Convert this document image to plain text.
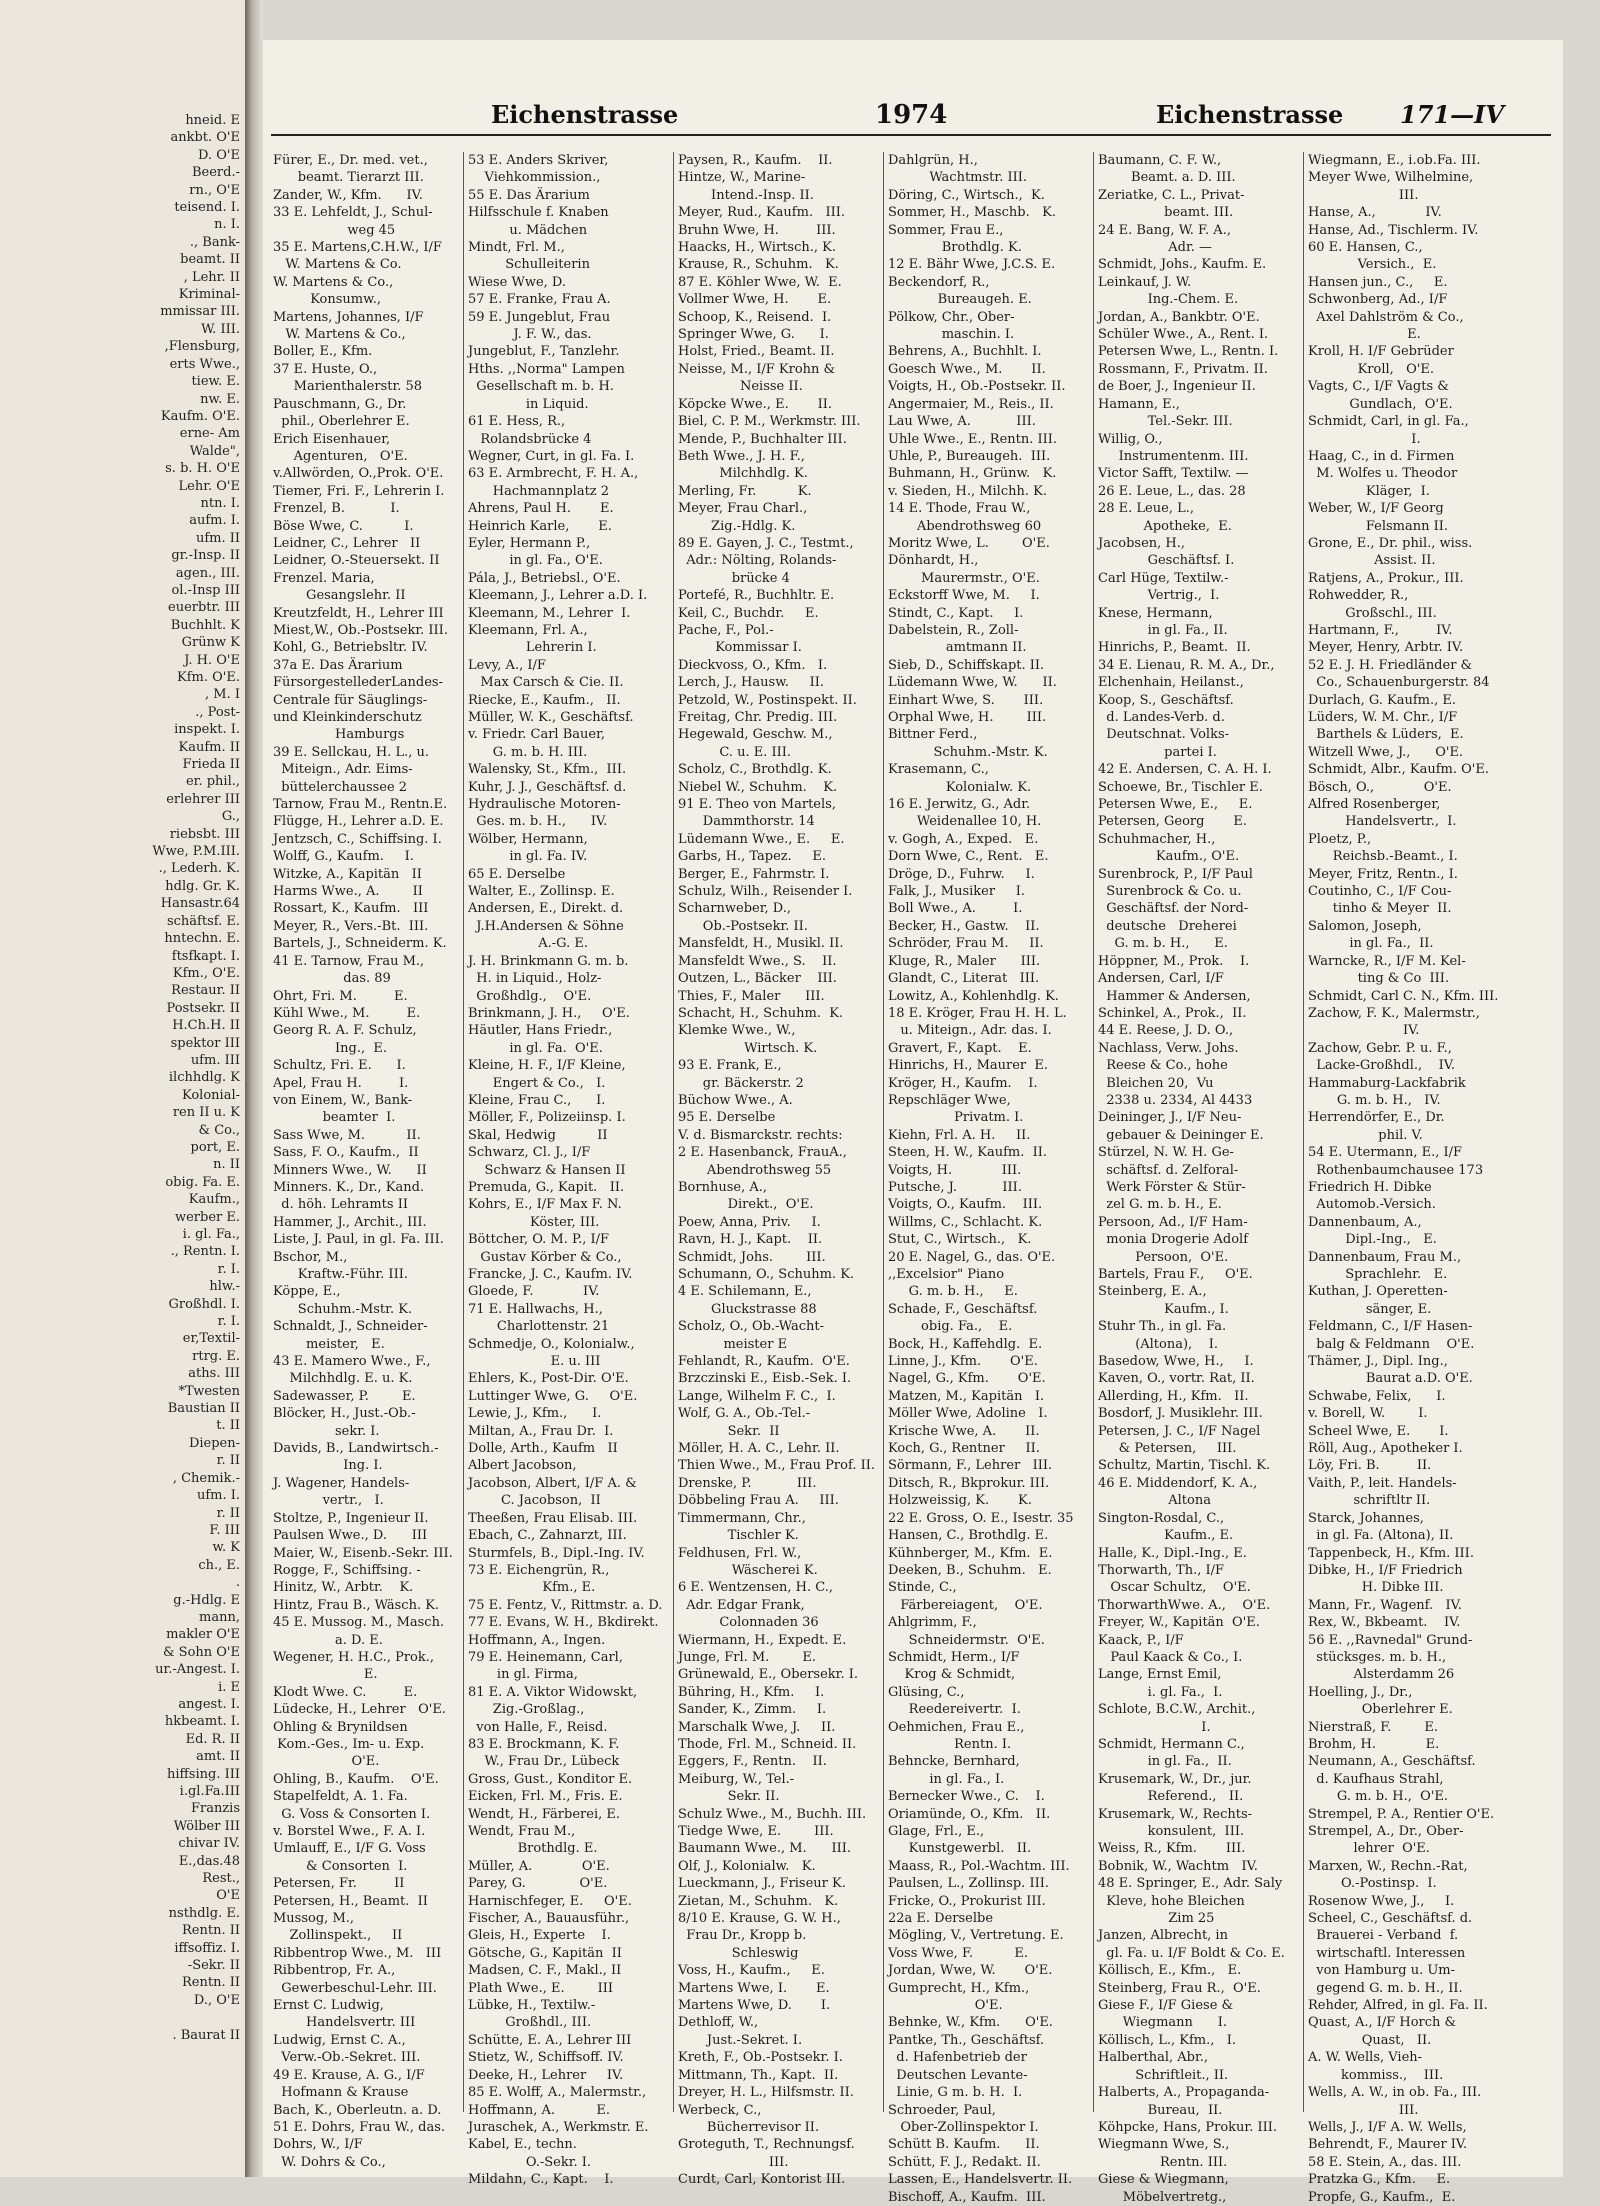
hneid. E
ankbt. O'E
D. O'E
Beerd.-
rn., O'E
teisend. I.
n. I.
., Bank-
beamt. II
, Lehr. II
Kriminal-
mmissar III.
W. III.
,Flensburg,
erts Wwe.,
tiew. E.
nw. E.
Kaufm. O'E.
erne- Am
Walde",
s. b. H. O'E
Lehr. O'E
ntn. I.
aufm. I.
ufm. II
gr.-Insp. II
agen., III.
ol.-Insp III
euerbtr. III
Buchhlt. K
Grünw K
J. H. O'E
Kfm. O'E.
, M. I
., Post-
inspekt. I.
Kaufm. II
Frieda II
er. phil.,
erlehrer III
G.,
riebsbt. III
Wwe, P.M.III.
., Lederh. K.
hdlg. Gr. K.
Hansastr.64
schäftsf. E.
hntechn. E.
ftsfkapt. I.
Kfm., O'E.
Restaur. II
Postsekr. II
H.Ch.H. II
spektor III
ufm. III
ilchhdlg. K
Kolonial-
ren II u. K
& Co.,
port, E.
n. II
obig. Fa. E.
Kaufm.,
werber E.
i. gl. Fa.,
., Rentn. I.
r. I.
hlw.-
Großhdl. I.
r. I.
er,Textil-
rtrg. E.
aths. III
*Twesten
Baustian II
t. II
Diepen-
r. II
, Chemik.-
ufm. I.
r. II
F. III
w. K
ch., E.
.
g.-Hdlg. E
mann,
makler O'E
& Sohn O'E
ur.-Angest. I.
i. E
angest. I.
hkbeamt. I.
Ed. R. II
amt. II
hiffsing. III
i.gl.Fa.III
Franzis
Wölber III
chivar IV.
E.,das.48
Rest.,
O'E
nsthdlg. E.
Rentn. II
iffsoffiz. I.
-Sekr. II
Rentn. II
D., O'E

. Baurat II
Eichenstrasse	1974	Eichenstrasse 171—IV
Fürer, E., Dr. med. vet.,
beamt. Tierarzt III.
Zander, W., Kfm.      IV.
33 E. Lehfeldt, J., Schul-
weg 45
35 E. Martens,C.H.W., I/F
W. Martens & Co.
W. Martens & Co.,
Konsumw.,
Martens, Johannes, I/F
W. Martens & Co.,
Boller, E., Kfm.
37 E. Huste, O.,
Marienthalerstr. 58
Pauschmann, G., Dr.
phil., Oberlehrer E.
Erich Eisenhauer,
Agenturen,   O'E.
v.Allwörden, O.,Prok. O'E.
Tiemer, Fri. F., Lehrerin I.
Frenzel, B.           I.
Böse Wwe, C.          I.
Leidner, C., Lehrer   II
Leidner, O.-Steuersekt. II
Frenzel. Maria,
Gesangslehr. II
Kreutzfeldt, H., Lehrer III
Miest,W., Ob.-Postsekr. III.
Kohl, G., Betriebsltr. IV.
37a E. Das Ärarium
FürsorgestellederLandes-
Centrale für Säuglings-
und Kleinkinderschutz
Hamburgs
39 E. Sellckau, H. L., u.
Miteign., Adr. Eims-
büttelerchaussee 2
Tarnow, Frau M., Rentn.E.
Flügge, H., Lehrer a.D. E.
Jentzsch, C., Schiffsing. I.
Wolff, G., Kaufm.     I.
Witzke, A., Kapitän   II
Harms Wwe., A.        II
Rossart, K., Kaufm.   III
Meyer, R., Vers.-Bt.  III.
Bartels, J., Schneiderm. K.
41 E. Tarnow, Frau M.,
das. 89
Ohrt, Fri. M.         E.
Kühl Wwe., M.         E.
Georg R. A. F. Schulz,
Ing.,  E.
Schultz, Fri. E.      I.
Apel, Frau H.         I.
von Einem, W., Bank-
beamter  I.
Sass Wwe, M.          II.
Sass, F. O., Kaufm.,  II
Minners Wwe., W.      II
Minners. K., Dr., Kand.
d. höh. Lehramts II
Hammer, J., Archit., III.
Liste, J. Paul, in gl. Fa. III.
Bschor, M.,
Kraftw.-Führ. III.
Köppe, E.,
Schuhm.-Mstr. K.
Schnaldt, J., Schneider-
meister,   E.
43 E. Mamero Wwe., F.,
Milchhdlg. E. u. K.
Sadewasser, P.        E.
Blöcker, H., Just.-Ob.-
sekr. I.
Davids, B., Landwirtsch.-
Ing. I.
J. Wagener, Handels-
vertr.,   I.
Stoltze, P., Ingenieur II.
Paulsen Wwe., D.      III
Maier, W., Eisenb.-Sekr. III.
Rogge, F., Schiffsing. -
Hinitz, W., Arbtr.    K.
Hintz, Frau B., Wäsch. K.
45 E. Mussog. M., Masch.
a. D. E.
Wegener, H. H.C., Prok.,
E.
Klodt Wwe. C.         E.
Lüdecke, H., Lehrer   O'E.
Ohling & Brynildsen
Kom.-Ges., Im- u. Exp.
O'E.
Ohling, B., Kaufm.    O'E.
Stapelfeldt, A. 1. Fa.
G. Voss & Consorten I.
v. Borstel Wwe., F. A. I.
Umlauff, E., I/F G. Voss
& Consorten  I.
Petersen, Fr.         II
Petersen, H., Beamt.  II
Mussog, M.,
Zollinspekt.,     II
Ribbentrop Wwe., M.   III
Ribbentrop, Fr. A.,
Gewerbeschul-Lehr. III.
Ernst C. Ludwig,
Handelsvertr. III
Ludwig, Ernst C. A.,
Verw.-Ob.-Sekret. III.
49 E. Krause, A. G., I/F
Hofmann & Krause
Bach, K., Oberleutn. a. D.
51 E. Dohrs, Frau W., das.
Dohrs, W., I/F
W. Dohrs & Co.,
53 E. Anders Skriver,
Viehkommission.,
55 E. Das Ärarium
Hilfsschule f. Knaben
u. Mädchen
Mindt, Frl. M.,
Schulleiterin
Wiese Wwe, D.
57 E. Franke, Frau A.
59 E. Jungeblut, Frau
J. F. W., das.
Jungeblut, F., Tanzlehr.
Hths. ,,Norma" Lampen
Gesellschaft m. b. H.
in Liquid.
61 E. Hess, R.,
Rolandsbrücke 4
Wegner, Curt, in gl. Fa. I.
63 E. Armbrecht, F. H. A.,
Hachmannplatz 2
Ahrens, Paul H.       E.
Heinrich Karle,       E.
Eyler, Hermann P.,
in gl. Fa., O'E.
Pála, J., Betriebsl., O'E.
Kleemann, J., Lehrer a.D. I.
Kleemann, M., Lehrer  I.
Kleemann, Frl. A.,
Lehrerin I.
Levy, A., I/F
Max Carsch & Cie. II.
Riecke, E., Kaufm.,   II.
Müller, W. K., Geschäftsf.
v. Friedr. Carl Bauer,
G. m. b. H. III.
Walensky, St., Kfm.,  III.
Kuhr, J. J., Geschäftsf. d.
Hydraulische Motoren-
Ges. m. b. H.,      IV.
Wölber, Hermann,
in gl. Fa. IV.
65 E. Derselbe
Walter, E., Zollinsp. E.
Andersen, E., Direkt. d.
J.H.Andersen & Söhne
A.-G. E.
J. H. Brinkmann G. m. b.
H. in Liquid., Holz-
Großhdlg.,    O'E.
Brinkmann, J. H.,     O'E.
Häutler, Hans Friedr.,
in gl. Fa.  O'E.
Kleine, H. F., I/F Kleine,
Engert & Co.,   I.
Kleine, Frau C.,      I.
Möller, F., Polizeiinsp. I.
Skal, Hedwig          II
Schwarz, Cl. J., I/F
Schwarz & Hansen II
Premuda, G., Kapit.   II.
Kohrs, E., I/F Max F. N.
Köster, III.
Böttcher, O. M. P., I/F
Gustav Körber & Co.,
Francke, J. C., Kaufm. IV.
Gloede, F.            IV.
71 E. Hallwachs, H.,
Charlottenstr. 21
Schmedje, O., Kolonialw.,
E. u. III
Ehlers, K., Post-Dir. O'E.
Luttinger Wwe, G.     O'E.
Lewie, J., Kfm.,      I.
Miltan, A., Frau Dr.  I.
Dolle, Arth., Kaufm   II
Albert Jacobson,
Jacobson, Albert, I/F A. &
C. Jacobson,  II
Theeßen, Frau Elisab. III.
Ebach, C., Zahnarzt, III.
Sturmfels, B., Dipl.-Ing. IV.
73 E. Eichengrün, R.,
Kfm., E.
75 E. Fentz, V., Rittmstr. a. D.
77 E. Evans, W. H., Bkdirekt.
Hoffmann, A., Ingen.
79 E. Heinemann, Carl,
in gl. Firma,
81 E. A. Viktor Widowskt,
Zig.-Großlag.,
von Halle, F., Reisd.
83 E. Brockmann, K. F.
W., Frau Dr., Lübeck
Gross, Gust., Konditor E.
Eicken, Frl. M., Fris. E.
Wendt, H., Färberei, E.
Wendt, Frau M.,
Brothdlg. E.
Müller, A.            O'E.
Parey, G.             O'E.
Harnischfeger, E.     O'E.
Fischer, A., Bauausführ.,
Gleis, H., Experte    I.
Götsche, G., Kapitän  II
Madsen, C. F., Makl., II
Plath Wwe., E.        III
Lübke, H., Textilw.-
Großhdl., III.
Schütte, E. A., Lehrer III
Stietz, W., Schiffsoff. IV.
Deeke, H., Lehrer     IV.
85 E. Wolff, A., Malermstr.,
Hoffmann, A.          E.
Juraschek, A., Werkmstr. E.
Kabel, E., techn.
O.-Sekr. I.
Mildahn, C., Kapt.    I.
Paysen, R., Kaufm.    II.
Hintze, W., Marine-
Intend.-Insp. II.
Meyer, Rud., Kaufm.   III.
Bruhn Wwe, H.         III.
Haacks, H., Wirtsch., K.
Krause, R., Schuhm.   K.
87 E. Köhler Wwe, W.  E.
Vollmer Wwe, H.       E.
Schoop, K., Reisend.  I.
Springer Wwe, G.      I.
Holst, Fried., Beamt. II.
Neisse, M., I/F Krohn &
Neisse II.
Köpcke Wwe., E.       II.
Biel, C. P. M., Werkmstr. III.
Mende, P., Buchhalter III.
Beth Wwe., J. H. F.,
Milchhdlg. K.
Merling, Fr.          K.
Meyer, Frau Charl.,
Zig.-Hdlg. K.
89 E. Gayen, J. C., Testmt.,
Adr.: Nölting, Rolands-
brücke 4
Portefé, R., Buchhltr. E.
Keil, C., Buchdr.     E.
Pache, F., Pol.-
Kommissar I.
Dieckvoss, O., Kfm.   I.
Lerch, J., Hausw.     II.
Petzold, W., Postinspekt. II.
Freitag, Chr. Predig. III.
Hegewald, Geschw. M.,
C. u. E. III.
Scholz, C., Brothdlg. K.
Niebel W., Schuhm.    K.
91 E. Theo von Martels,
Dammthorstr. 14
Lüdemann Wwe., E.     E.
Garbs, H., Tapez.     E.
Berger, E., Fahrmstr. I.
Schulz, Wilh., Reisender I.
Scharnweber, D.,
Ob.-Postsekr. II.
Mansfeldt, H., Musikl. II.
Mansfeldt Wwe., S.    II.
Outzen, L., Bäcker    III.
Thies, F., Maler      III.
Schacht, H., Schuhm.  K.
Klemke Wwe., W.,
Wirtsch. K.
93 E. Frank, E.,
gr. Bäckerstr. 2
Büchow Wwe., A.
95 E. Derselbe
V. d. Bismarckstr. rechts:
2 E. Hasenbanck, FrauA.,
Abendrothsweg 55
Bornhuse, A.,
Direkt.,  O'E.
Poew, Anna, Priv.     I.
Ravn, H. J., Kapt.    II.
Schmidt, Johs.        III.
Schumann, O., Schuhm. K.
4 E. Schilemann, E.,
Gluckstrasse 88
Scholz, O., Ob.-Wacht-
meister E
Fehlandt, R., Kaufm.  O'E.
Brzczinski E., Eisb.-Sek. I.
Lange, Wilhelm F. C.,  I.
Wolf, G. A., Ob.-Tel.-
Sekr.  II
Möller, H. A. C., Lehr. II.
Thien Wwe., M., Frau Prof. II.
Drenske, P.           III.
Döbbeling Frau A.     III.
Timmermann, Chr.,
Tischler K.
Feldhusen, Frl. W.,
Wäscherei K.
6 E. Wentzensen, H. C.,
Adr. Edgar Frank,
Colonnaden 36
Wiermann, H., Expedt. E.
Junge, Frl. M.        E.
Grünewald, E., Obersekr. I.
Bühring, H., Kfm.     I.
Sander, K., Zimm.     I.
Marschalk Wwe, J.     II.
Thode, Frl. M., Schneid. II.
Eggers, F., Rentn.    II.
Meiburg, W., Tel.-
Sekr. II.
Schulz Wwe., M., Buchh. III.
Tiedge Wwe, E.        III.
Baumann Wwe., M.      III.
Olf, J., Kolonialw.   K.
Lueckmann, J., Friseur K.
Zietan, M., Schuhm.   K.
8/10 E. Krause, G. W. H.,
Frau Dr., Kropp b.
Schleswig
Voss, H., Kaufm.,     E.
Martens Wwe, I.       E.
Martens Wwe, D.       I.
Dethloff, W.,
Just.-Sekret. I.
Kreth, F., Ob.-Postsekr. I.
Mittmann, Th., Kapt.  II.
Dreyer, H. L., Hilfsmstr. II.
Werbeck, C.,
Bücherrevisor II.
Groteguth, T., Rechnungsf.
III.
Curdt, Carl, Kontorist III.
Dahlgrün, H.,
Wachtmstr. III.
Döring, C., Wirtsch.,  K.
Sommer, H., Maschb.   K.
Sommer, Frau E.,
Brothdlg. K.
12 E. Bähr Wwe, J.C.S. E.
Beckendorf, R.,
Bureaugeh. E.
Pölkow, Chr., Ober-
maschin. I.
Behrens, A., Buchhlt. I.
Goesch Wwe., M.       II.
Voigts, H., Ob.-Postsekr. II.
Angermaier, M., Reis., II.
Lau Wwe, A.           III.
Uhle Wwe., E., Rentn. III.
Uhle, P., Bureaugeh.  III.
Buhmann, H., Grünw.   K.
v. Sieden, H., Milchh. K.
14 E. Thode, Frau W.,
Abendrothsweg 60
Moritz Wwe, L.        O'E.
Dönhardt, H.,
Maurermstr., O'E.
Eckstorff Wwe, M.     I.
Stindt, C., Kapt.     I.
Dabelstein, R., Zoll-
amtmann II.
Sieb, D., Schiffskapt. II.
Lüdemann Wwe, W.      II.
Einhart Wwe, S.       III.
Orphal Wwe, H.        III.
Bittner Ferd.,
Schuhm.-Mstr. K.
Krasemann, C.,
Kolonialw. K.
16 E. Jerwitz, G., Adr.
Weidenallee 10, H.
v. Gogh, A., Exped.   E.
Dorn Wwe, C., Rent.   E.
Dröge, D., Fuhrw.     I.
Falk, J., Musiker     I.
Boll Wwe., A.         I.
Becker, H., Gastw.    II.
Schröder, Frau M.     II.
Kluge, R., Maler      III.
Glandt, C., Literat   III.
Lowitz, A., Kohlenhdlg. K.
18 E. Kröger, Frau H. H. L.
u. Miteign., Adr. das. I.
Gravert, F., Kapt.    E.
Hinrichs, H., Maurer  E.
Kröger, H., Kaufm.    I.
Repschläger Wwe,
Privatm. I.
Kiehn, Frl. A. H.     II.
Steen, H. W., Kaufm.  II.
Voigts, H.            III.
Putsche, J.           III.
Voigts, O., Kaufm.    III.
Willms, C., Schlacht. K.
Stut, C., Wirtsch.,   K.
20 E. Nagel, G., das. O'E.
,,Excelsior" Piano
G. m. b. H.,     E.
Schade, F., Geschäftsf.
obig. Fa.,    E.
Bock, H., Kaffehdlg.  E.
Linne, J., Kfm.       O'E.
Nagel, G., Kfm.       O'E.
Matzen, M., Kapitän   I.
Möller Wwe, Adoline   I.
Krische Wwe, A.       II.
Koch, G., Rentner     II.
Sörmann, F., Lehrer   III.
Ditsch, R., Bkprokur. III.
Holzweissig, K.       K.
22 E. Gross, O. E., Isestr. 35
Hansen, C., Brothdlg. E.
Kühnberger, M., Kfm.  E.
Deeken, B., Schuhm.   E.
Stinde, C.,
Färbereiagent,    O'E.
Ahlgrimm, F.,
Schneidermstr.  O'E.
Schmidt, Herm., I/F
Krog & Schmidt,
Glüsing, C.,
Reedereivertr.  I.
Oehmichen, Frau E.,
Rentn. I.
Behncke, Bernhard,
in gl. Fa., I.
Bernecker Wwe., C.    I.
Oriamünde, O., Kfm.   II.
Glage, Frl., E.,
Kunstgewerbl.   II.
Maass, R., Pol.-Wachtm. III.
Paulsen, L., Zollinsp. III.
Fricke, O., Prokurist III.
22a E. Derselbe
Mögling, V., Vertretung. E.
Voss Wwe, F.          E.
Jordan, Wwe, W.       O'E.
Gumprecht, H., Kfm.,
O'E.
Behnke, W., Kfm.      O'E.
Pantke, Th., Geschäftsf.
d. Hafenbetrieb der
Deutschen Levante-
Linie, G m. b. H.  I.
Schroeder, Paul,
Ober-Zollinspektor I.
Schütt B. Kaufm.      II.
Schütt, F. J., Redakt. II.
Lassen, E., Handelsvertr. II.
Bischoff, A., Kaufm.  III.
Baumann, C. F. W.,
Beamt. a. D. III.
Zeriatke, C. L., Privat-
beamt. III.
24 E. Bang, W. F. A.,
Adr. —
Schmidt, Johs., Kaufm. E.
Leinkauf, J. W.
Ing.-Chem. E.
Jordan, A., Bankbtr. O'E.
Schüler Wwe., A., Rent. I.
Petersen Wwe, L., Rentn. I.
Rossmann, F., Privatm. II.
de Boer, J., Ingenieur II.
Hamann, E.,
Tel.-Sekr. III.
Willig, O.,
Instrumentenm. III.
Victor Safft, Textilw. —
26 E. Leue, L., das. 28
28 E. Leue, L.,
Apotheke,  E.
Jacobsen, H.,
Geschäftsf. I.
Carl Hüge, Textilw.-
Vertrig.,  I.
Knese, Hermann,
in gl. Fa., II.
Hinrichs, P., Beamt.  II.
34 E. Lienau, R. M. A., Dr.,
Elchenhain, Heilanst.,
Koop, S., Geschäftsf.
d. Landes-Verb. d.
Deutschnat. Volks-
partei I.
42 E. Andersen, C. A. H. I.
Schoewe, Br., Tischler E.
Petersen Wwe, E.,     E.
Petersen, Georg       E.
Schuhmacher, H.,
Kaufm., O'E.
Surenbrock, P., I/F Paul
Surenbrock & Co. u.
Geschäftsf. der Nord-
deutsche   Dreherei
G. m. b. H.,      E.
Höppner, M., Prok.    I.
Andersen, Carl, I/F
Hammer & Andersen,
Schinkel, A., Prok.,  II.
44 E. Reese, J. D. O.,
Nachlass, Verw. Johs.
Reese & Co., hohe
Bleichen 20,  Vu
2338 u. 2334, Al 4433
Deininger, J., I/F Neu-
gebauer & Deininger E.
Stürzel, N. W. H. Ge-
schäftsf. d. Zelforal-
Werk Förster & Stür-
zel G. m. b. H., E.
Persoon, Ad., I/F Ham-
monia Drogerie Adolf
Persoon,  O'E.
Bartels, Frau F.,     O'E.
Steinberg, E. A.,
Kaufm., I.
Stuhr Th., in gl. Fa.
(Altona),    I.
Basedow, Wwe, H.,     I.
Kaven, O., vortr. Rat, II.
Allerding, H., Kfm.   II.
Bosdorf, J. Musiklehr. III.
Petersen, J. C., I/F Nagel
& Petersen,     III.
Schultz, Martin, Tischl. K.
46 E. Middendorf, K. A.,
Altona
Sington-Rosdal, C.,
Kaufm., E.
Halle, K., Dipl.-Ing., E.
Thorwarth, Th., I/F
Oscar Schultz,    O'E.
ThorwarthWwe. A.,    O'E.
Freyer, W., Kapitän  O'E.
Kaack, P., I/F
Paul Kaack & Co., I.
Lange, Ernst Emil,
i. gl. Fa.,  I.
Schlote, B.C.W., Archit.,
I.
Schmidt, Hermann C.,
in gl. Fa.,  II.
Krusemark, W., Dr., jur.
Referend.,   II.
Krusemark, W., Rechts-
konsulent,  III.
Weiss, R., Kfm.       III.
Bobnik, W., Wachtm   IV.
48 E. Springer, E., Adr. Saly
Kleve, hohe Bleichen
Zim 25
Janzen, Albrecht, in
gl. Fa. u. I/F Boldt & Co. E.
Köllisch, E., Kfm.,   E.
Steinberg, Frau R.,  O'E.
Giese F., I/F Giese &
Wiegmann      I.
Köllisch, L., Kfm.,   I.
Halberthal, Abr.,
Schriftleit., II.
Halberts, A., Propaganda-
Bureau,  II.
Köhpcke, Hans, Prokur. III.
Wiegmann Wwe, S.,
Rentn. III.
Giese & Wiegmann,
Möbelvertretg.,
Wiegmann, E., i.ob.Fa. III.
Meyer Wwe, Wilhelmine,
III.
Hanse, A.,            IV.
Hanse, Ad., Tischlerm. IV.
60 E. Hansen, C.,
Versich.,  E.
Hansen jun., C.,     E.
Schwonberg, Ad., I/F
Axel Dahlström & Co.,
E.
Kroll, H. I/F Gebrüder
Kroll,   O'E.
Vagts, C., I/F Vagts &
Gundlach,  O'E.
Schmidt, Carl, in gl. Fa.,
I.
Haag, C., in d. Firmen
M. Wolfes u. Theodor
Kläger,  I.
Weber, W., I/F Georg
Felsmann II.
Grone, E., Dr. phil., wiss.
Assist. II.
Ratjens, A., Prokur., III.
Rohwedder, R.,
Großschl., III.
Hartmann, F.,         IV.
Meyer, Henry, Arbtr. IV.
52 E. J. H. Friedländer &
Co., Schauenburgerstr. 84
Durlach, G. Kaufm., E.
Lüders, W. M. Chr., I/F
Barthels & Lüders,  E.
Witzell Wwe, J.,      O'E.
Schmidt, Albr., Kaufm. O'E.
Bösch, O.,            O'E.
Alfred Rosenberger,
Handelsvertr.,  I.
Ploetz, P.,
Reichsb.-Beamt., I.
Meyer, Fritz, Rentn., I.
Coutinho, C., I/F Cou-
tinho & Meyer  II.
Salomon, Joseph,
in gl. Fa.,  II.
Warncke, R., I/F M. Kel-
ting & Co  III.
Schmidt, Carl C. N., Kfm. III.
Zachow, F. K., Malermstr.,
IV.
Zachow, Gebr. P. u. F.,
Lacke-Großhdl.,    IV.
Hammaburg-Lackfabrik
G. m. b. H.,   IV.
Herrendörfer, E., Dr.
phil. V.
54 E. Utermann, E., I/F
Rothenbaumchausee 173
Friedrich H. Dibke
Automob.-Versich.
Dannenbaum, A.,
Dipl.-Ing.,   E.
Dannenbaum, Frau M.,
Sprachlehr.   E.
Kuthan, J. Operetten-
sänger, E.
Feldmann, C., I/F Hasen-
balg & Feldmann    O'E.
Thämer, J., Dipl. Ing.,
Baurat a.D. O'E.
Schwabe, Felix,      I.
v. Borell, W.        I.
Scheel Wwe, E.       I.
Röll, Aug., Apotheker I.
Löy, Fri. B.         II.
Vaith, P., leit. Handels-
schriftltr II.
Starck, Johannes,
in gl. Fa. (Altona), II.
Tappenbeck, H., Kfm. III.
Dibke, H., I/F Friedrich
H. Dibke III.
Mann, Fr., Wagenf.   IV.
Rex, W., Bkbeamt.    IV.
56 E. ,,Ravnedal" Grund-
stücksges. m. b. H.,
Alsterdamm 26
Hoelling, J., Dr.,
Oberlehrer E.
Nierstraß, F.        E.
Brohm, H.            E.
Neumann, A., Geschäftsf.
d. Kaufhaus Strahl,
G. m. b. H.,  O'E.
Strempel, P. A., Rentier O'E.
Strempel, A., Dr., Ober-
lehrer  O'E.
Marxen, W., Rechn.-Rat,
O.-Postinsp.  I.
Rosenow Wwe, J.,     I.
Scheel, C., Geschäftsf. d.
Brauerei - Verband  f.
wirtschaftl. Interessen
von Hamburg u. Um-
gegend G. m. b. H., II.
Rehder, Alfred, in gl. Fa. II.
Quast, A., I/F Horch &
Quast,   II.
A. W. Wells, Vieh-
kommiss.,    III.
Wells, A. W., in ob. Fa., III.
III.
Wells, J., I/F A. W. Wells,
Behrendt, F., Maurer IV.
58 E. Stein, A., das. III.
Pratzka G., Kfm.     E.
Propfe, G., Kaufm.,  E.
